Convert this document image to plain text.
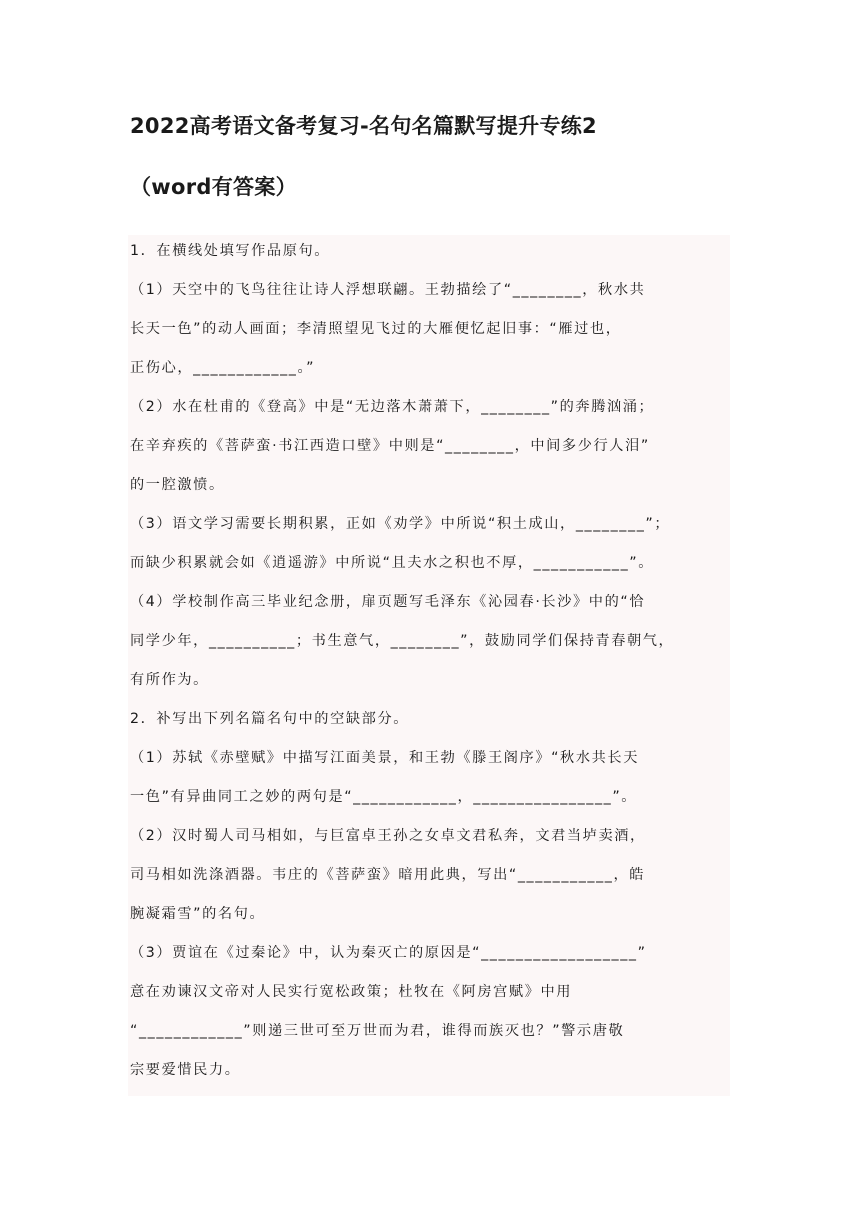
2022高考语文备考复习-名句名篇默写提升专练2
（word有答案）
1．在横线处填写作品原句。
（1）天空中的飞鸟往往让诗人浮想联翩。王勃描绘了“________，秋水共
长天一色”的动人画面；李清照望见飞过的大雁便忆起旧事：“雁过也，
正伤心，____________。”
（2）水在杜甫的《登高》中是“无边落木萧萧下，________”的奔腾汹涌；
在辛弃疾的《菩萨蛮·书江西造口壁》中则是“________，中间多少行人泪”
的一腔激愤。
（3）语文学习需要长期积累，正如《劝学》中所说“积土成山，________”；
而缺少积累就会如《逍遥游》中所说“且夫水之积也不厚，___________”。
（4）学校制作高三毕业纪念册，扉页题写毛泽东《沁园春·长沙》中的“恰
同学少年，__________；书生意气，________”，鼓励同学们保持青春朝气，
有所作为。
2．补写出下列名篇名句中的空缺部分。
（1）苏轼《赤壁赋》中描写江面美景，和王勃《滕王阁序》“秋水共长天
一色”有异曲同工之妙的两句是“____________，________________”。
（2）汉时蜀人司马相如，与巨富卓王孙之女卓文君私奔，文君当垆卖酒，
司马相如洗涤酒器。韦庄的《菩萨蛮》暗用此典，写出“___________，皓
腕凝霜雪”的名句。
（3）贾谊在《过秦论》中，认为秦灭亡的原因是“__________________”
意在劝谏汉文帝对人民实行宽松政策；杜牧在《阿房宫赋》中用
“____________”则递三世可至万世而为君，谁得而族灭也？”警示唐敬
宗要爱惜民力。
